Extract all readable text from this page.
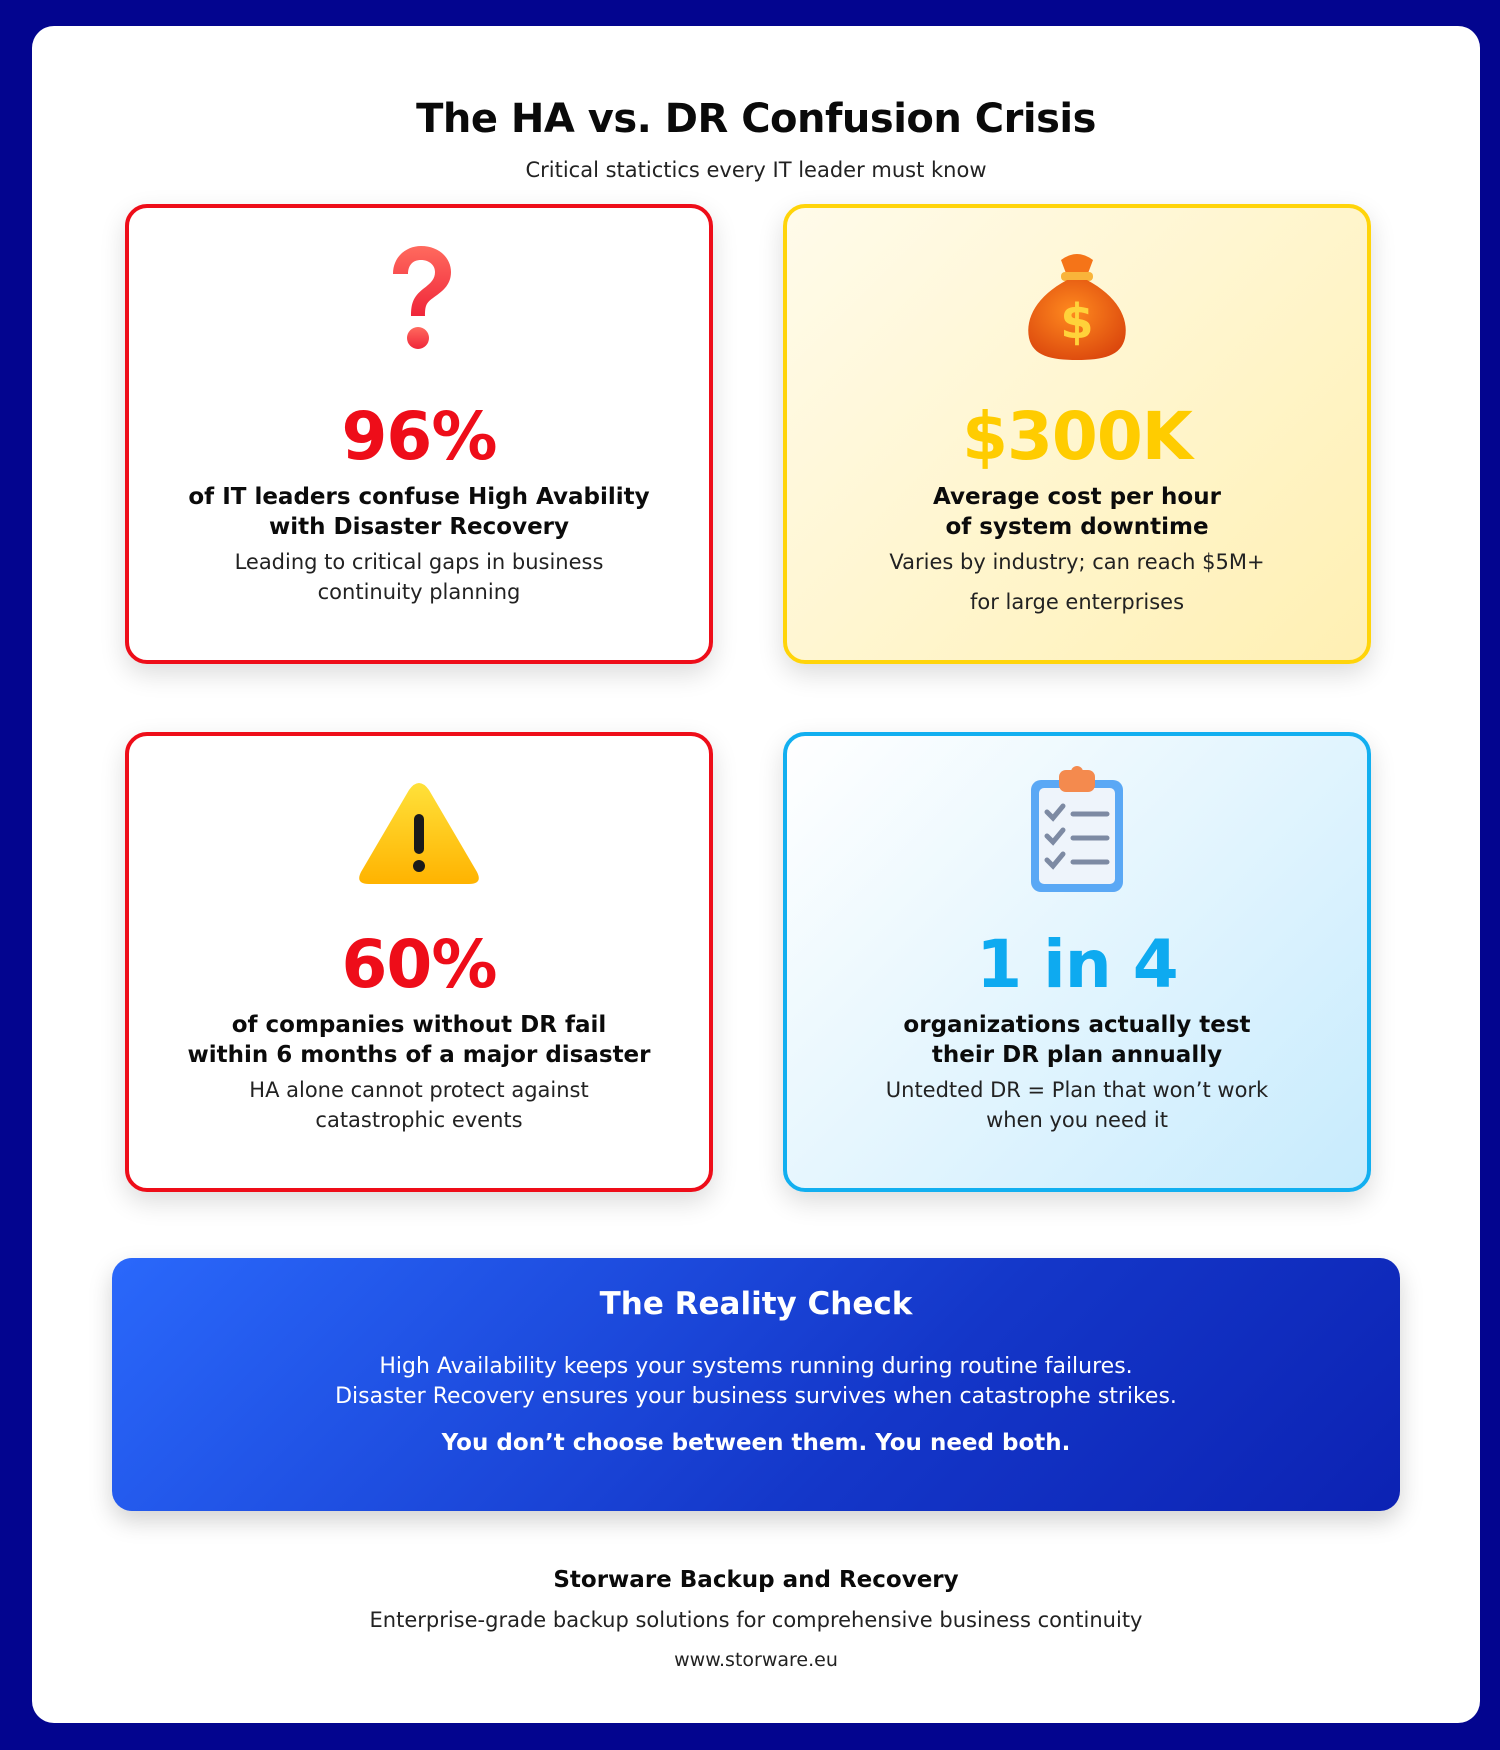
The HA vs. DR Confusion Crisis
Critical statictics every IT leader must know
96%
of IT leaders confuse High Avability
with Disaster Recovery
Leading to critical gaps in business
continuity planning
$
$300K
Average cost per hour
of system downtime
Varies by industry; can reach $5M+
for large enterprises
60%
of companies without DR fail
within 6 months of a major disaster
HA alone cannot protect against
catastrophic events
1 in 4
organizations actually test
their DR plan annually
Untedted DR = Plan that won’t work
when you need it
The Reality Check
High Availability keeps your systems running during routine failures.
Disaster Recovery ensures your business survives when catastrophe strikes.
You don’t choose between them. You need both.
Storware Backup and Recovery
Enterprise-grade backup solutions for comprehensive business continuity
www.storware.eu
